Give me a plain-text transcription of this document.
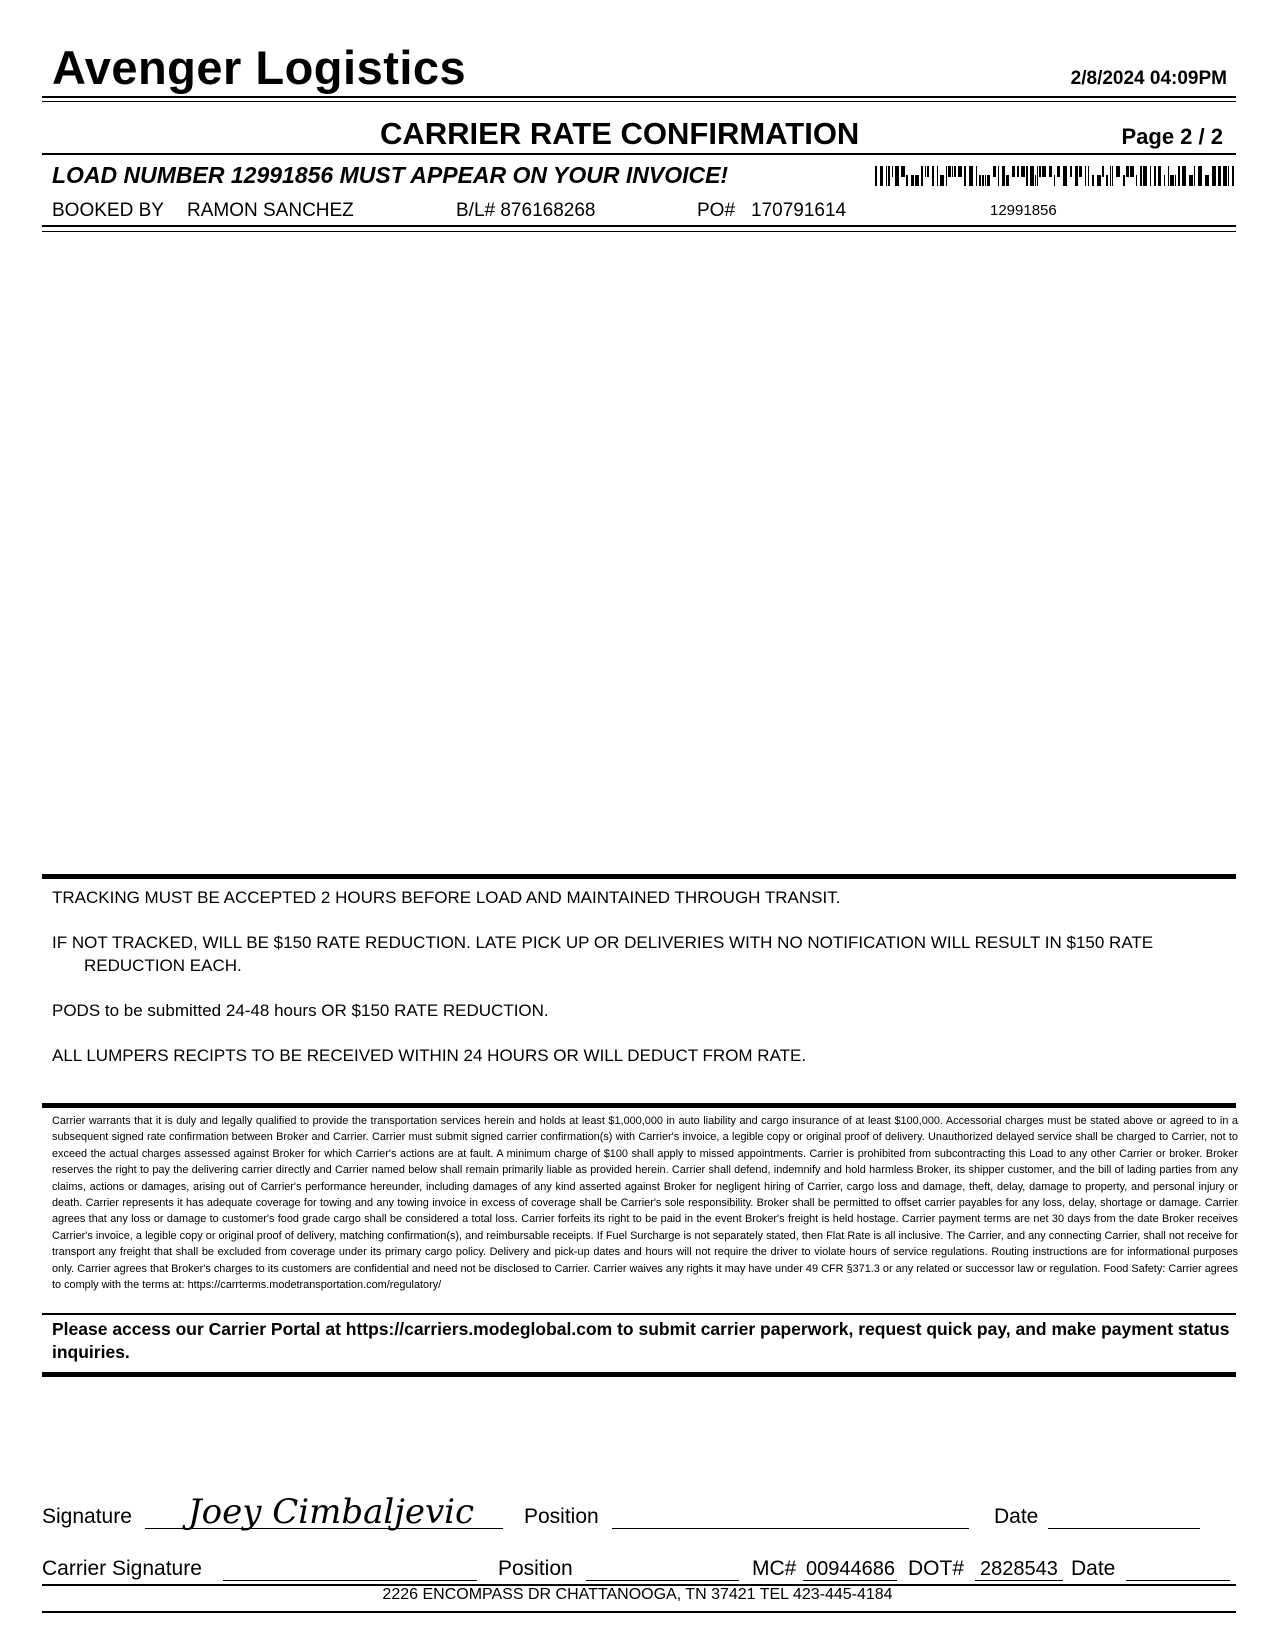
Avenger Logistics	2/8/2024 04:09PM
CARRIER RATE CONFIRMATION	Page 2 / 2
LOAD NUMBER 12991856 MUST APPEAR ON YOUR INVOICE!
BOOKED BY RAMON SANCHEZ	B/L# 876168268	PO# 170791614	12991856

TRACKING MUST BE ACCEPTED 2 HOURS BEFORE LOAD AND MAINTAINED THROUGH TRANSIT.

IF NOT TRACKED, WILL BE $150 RATE REDUCTION. LATE PICK UP OR DELIVERIES WITH NO NOTIFICATION WILL RESULT IN $150 RATE REDUCTION EACH.

PODS to be submitted 24-48 hours OR $150 RATE REDUCTION.

ALL LUMPERS RECIPTS TO BE RECEIVED WITHIN 24 HOURS OR WILL DEDUCT FROM RATE.

Carrier warrants that it is duly and legally qualified to provide the transportation services herein and holds at least $1,000,000 in auto liability and cargo insurance of at least $100,000. Accessorial charges must be stated above or agreed to in a subsequent signed rate confirmation between Broker and Carrier. Carrier must submit signed carrier confirmation(s) with Carrier's invoice, a legible copy or original proof of delivery. Unauthorized delayed service shall be charged to Carrier, not to exceed the actual charges assessed against Broker for which Carrier's actions are at fault. A minimum charge of $100 shall apply to missed appointments. Carrier is prohibited from subcontracting this Load to any other Carrier or broker. Broker reserves the right to pay the delivering carrier directly and Carrier named below shall remain primarily liable as provided herein. Carrier shall defend, indemnify and hold harmless Broker, its shipper customer, and the bill of lading parties from any claims, actions or damages, arising out of Carrier's performance hereunder, including damages of any kind asserted against Broker for negligent hiring of Carrier, cargo loss and damage, theft, delay, damage to property, and personal injury or death. Carrier represents it has adequate coverage for towing and any towing invoice in excess of coverage shall be Carrier's sole responsibility. Broker shall be permitted to offset carrier payables for any loss, delay, shortage or damage. Carrier agrees that any loss or damage to customer's food grade cargo shall be considered a total loss. Carrier forfeits its right to be paid in the event Broker's freight is held hostage. Carrier payment terms are net 30 days from the date Broker receives Carrier's invoice, a legible copy or original proof of delivery, matching confirmation(s), and reimbursable receipts. If Fuel Surcharge is not separately stated, then Flat Rate is all inclusive. The Carrier, and any connecting Carrier, shall not receive for transport any freight that shall be excluded from coverage under its primary cargo policy. Delivery and pick-up dates and hours will not require the driver to violate hours of service regulations. Routing instructions are for informational purposes only. Carrier agrees that Broker's charges to its customers are confidential and need not be disclosed to Carrier. Carrier waives any rights it may have under 49 CFR §371.3 or any related or successor law or regulation. Food Safety: Carrier agrees to comply with the terms at: https://carrterms.modetransportation.com/regulatory/
Please access our Carrier Portal at https://carriers.modeglobal.com to submit carrier paperwork, request quick pay, and make payment status inquiries.
Signature Joey Cimbaljevic Position	Date
Carrier Signature	Position	MC# 00944686 DOT# 2828543 Date
2226 ENCOMPASS DR CHATTANOOGA, TN 37421 TEL 423-445-4184
